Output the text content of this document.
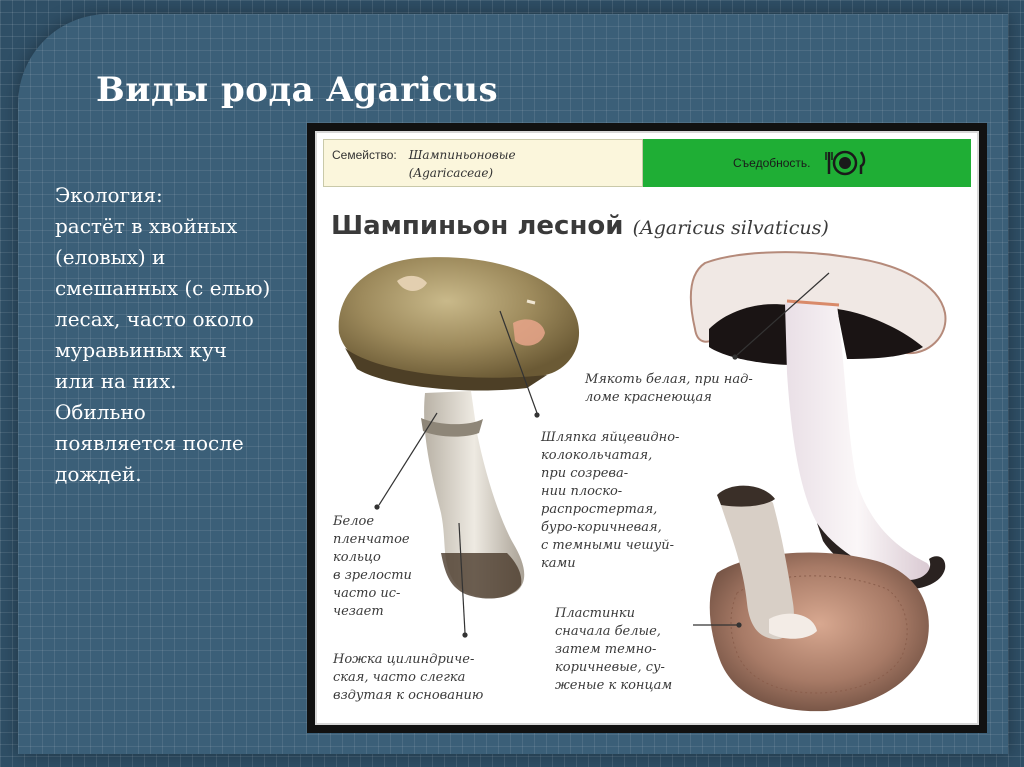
Виды рода Agaricus
Экология:
растёт в хвойных
(еловых) и
смешанных (с елью)
лесах, часто около
муравьиных куч
или на них.
Обильно
появляется после
дождей.
Семейство: Шампиньоновые
(Agaricaceae)
Съедобность.
Шампиньон лесной (Agaricus silvaticus)
Мякоть белая, при над-
ломе краснеющая
Шляпка яйцевидно-
колокольчатая,
при созрева-
нии плоско-
распростертая,
буро-коричневая,
с темными чешуй-
ками
Белое
пленчатое
кольцо
в зрелости
часто ис-
чезает
Ножка цилиндриче-
ская, часто слегка
вздутая к основанию
Пластинки
сначала белые,
затем темно-
коричневые, су-
женые к концам
